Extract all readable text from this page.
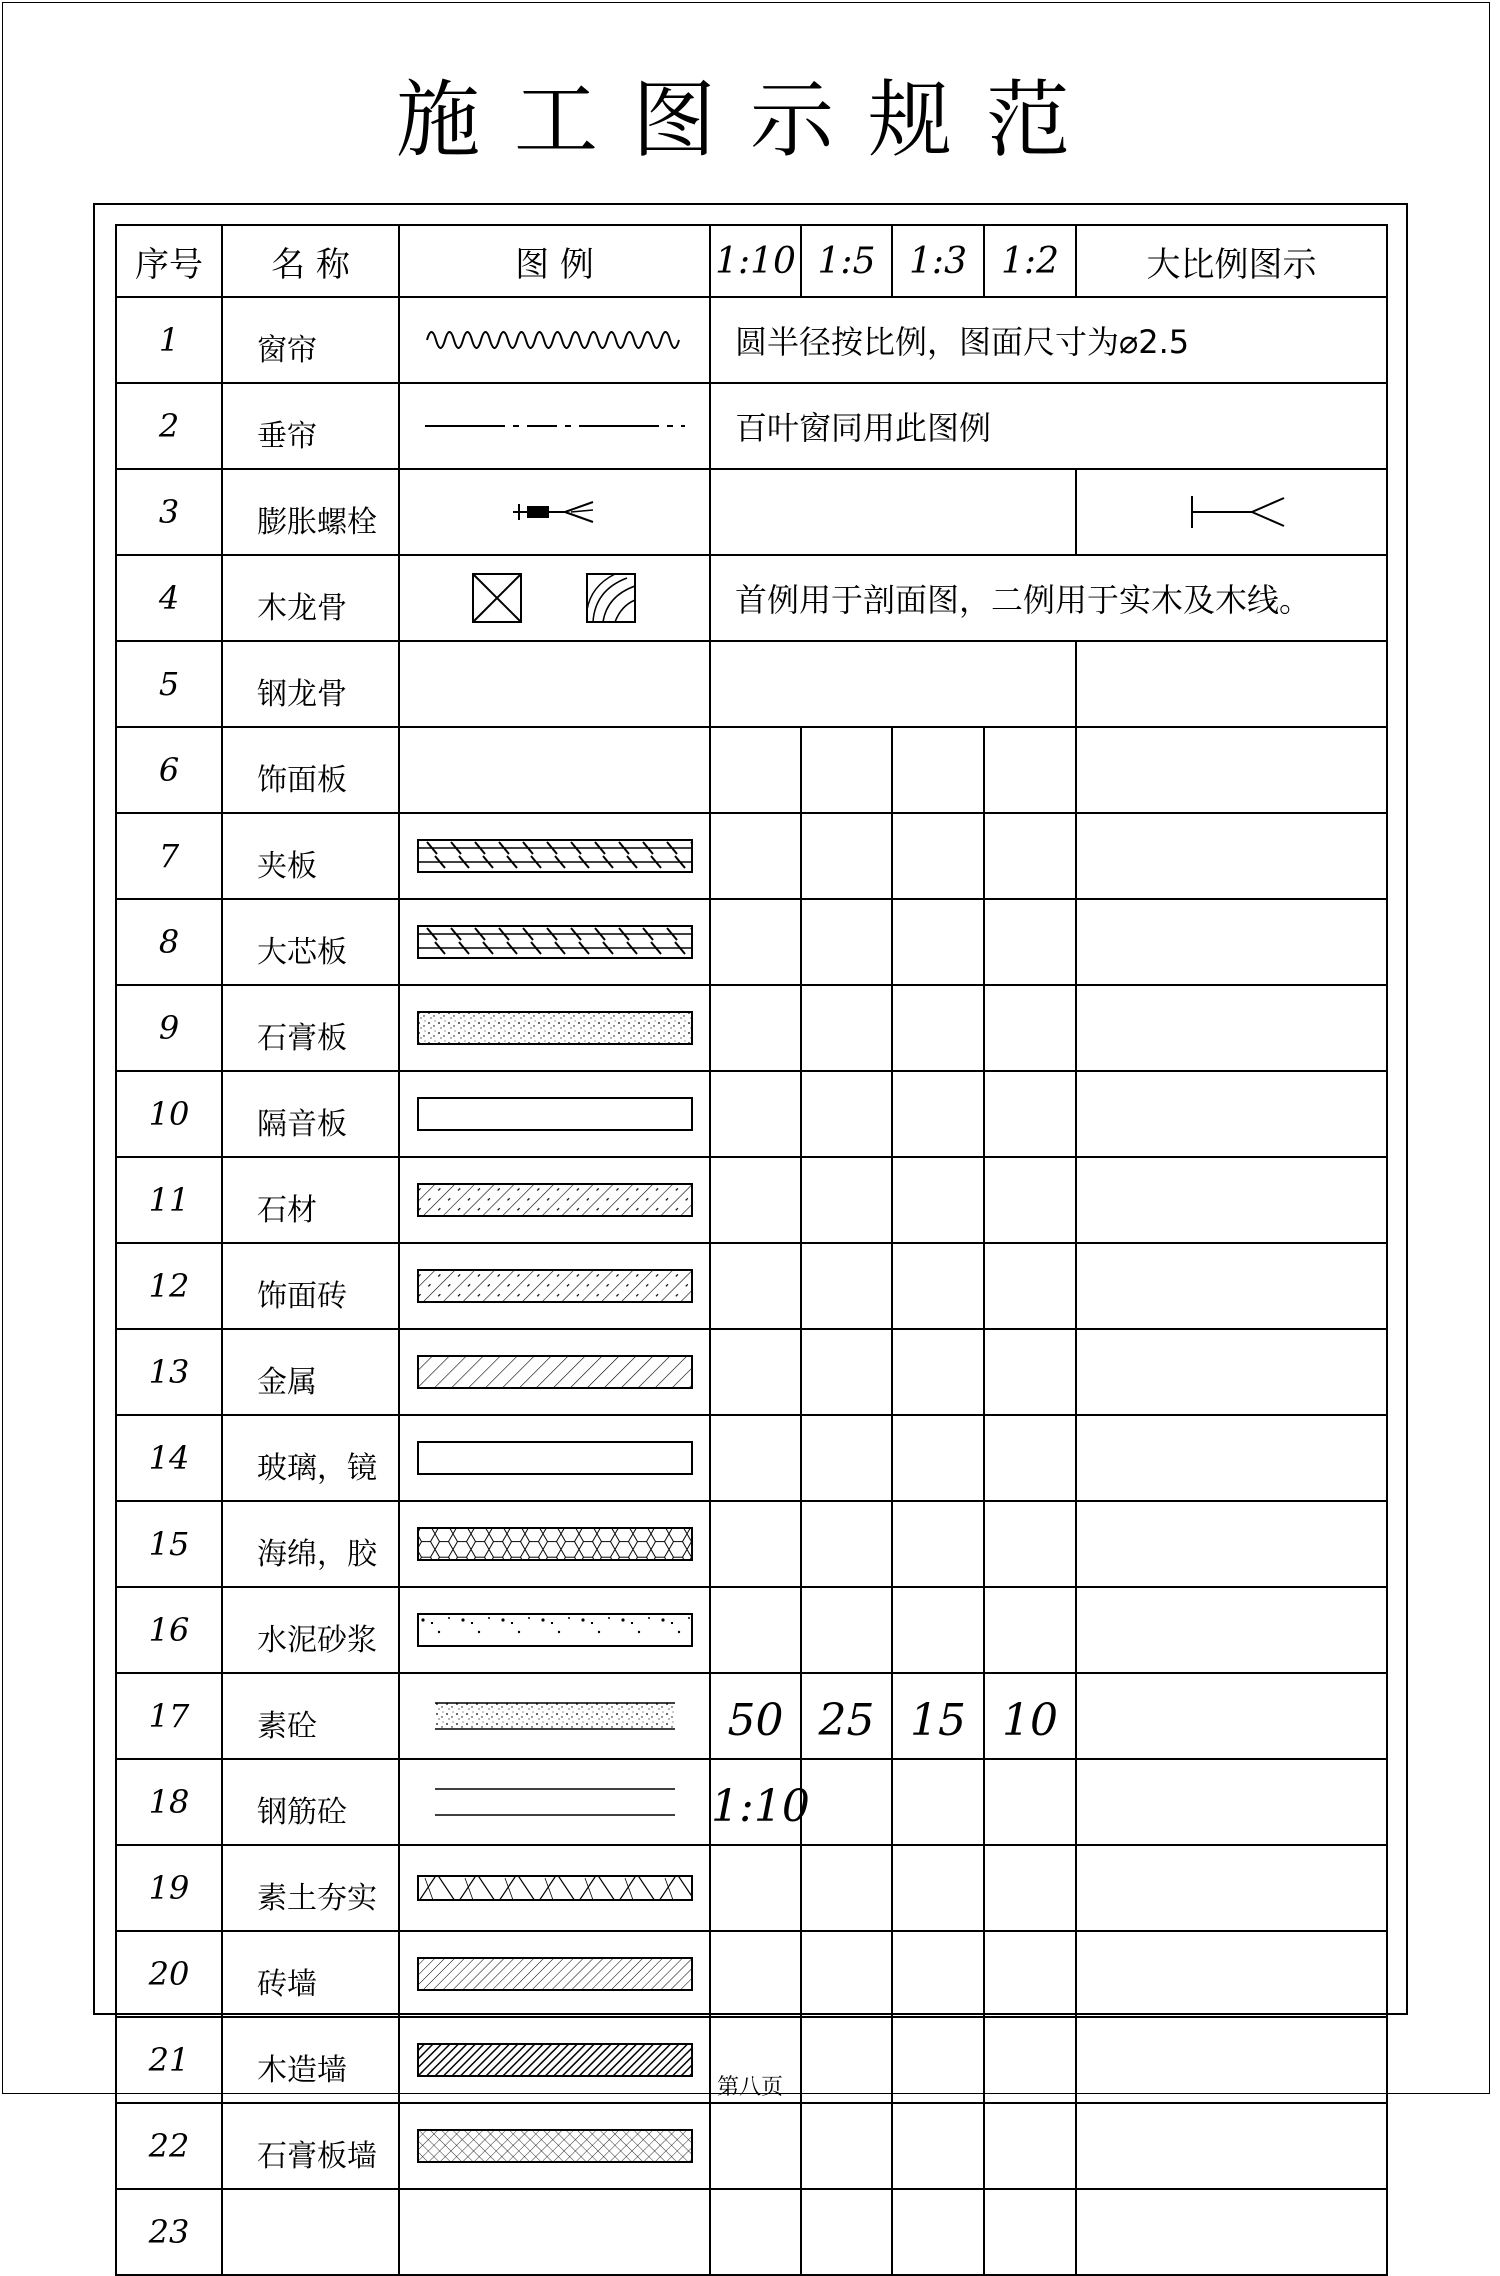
施工图示规范
序号	名 称	图 例	1:10	1:5	1:3	1:2	大比例图示
1	窗帘		圆半径按比例，图面尺寸为⌀2.5				
2	垂帘		百叶窗同用此图例				
3	膨胀螺栓	

4	木龙骨		首例用于剖面图，二例用于实木及木线。				
5	钢龙骨						
6	饰面板						
7	夹板	

8	大芯板	

9	石膏板	

10	隔音板	

11	石材	

12	饰面砖	

13	金属	

14	玻璃，镜	

15	海绵，胶	

16	水泥砂浆	

17	素砼		50	25	15	10	
18	钢筋砼		1:10				
19	素土夯实	

20	砖墙	

21	木造墙	

22	石膏板墙	

23							
第八页
